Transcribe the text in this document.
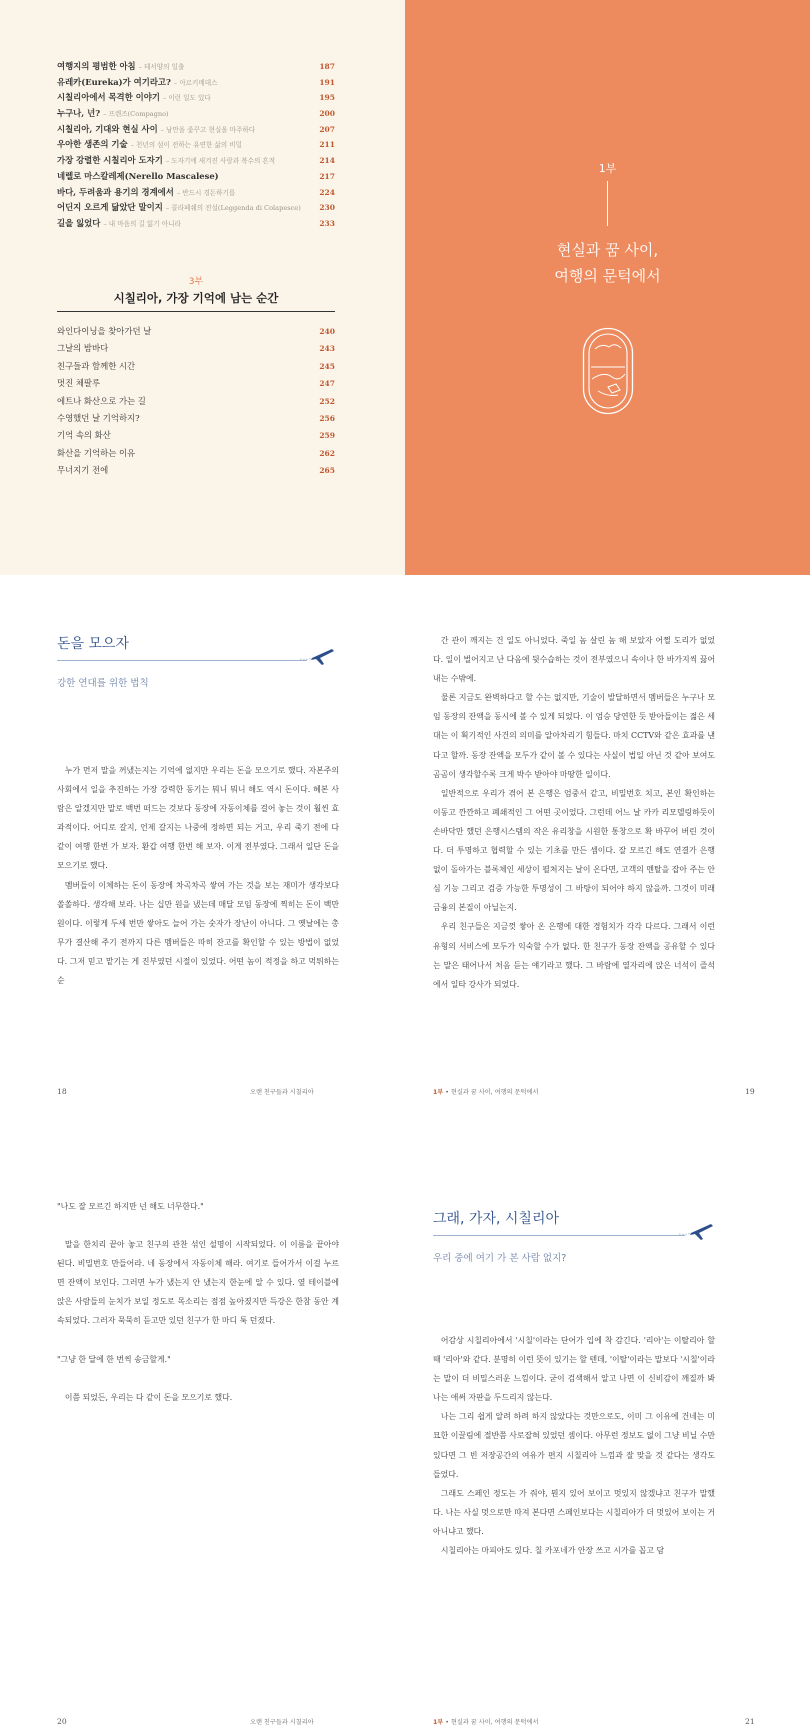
여행지의 평범한 아침 – 테서양의 일출	187
유레카(Eureka)가 여기라고? – 아르키메데스	191
시칠리아에서 목격한 이야기 – 이런 일도 있다	195
누구나, 넌? – 프렌즈(Compagno)	200
시칠리아, 기대와 현실 사이 – 낭만을 좇꾸고 현실을 마주하다	207
우아한 생존의 기술 – 천년의 섬이 전하는 유연한 삶의 비밀	211
가장 강렬한 시칠리아 도자기 – 도자기에 새겨진 사랑과 복수의 흔적	214
네렐로 마스칼레제(Nerello Mascalese)	217
바다, 두려움과 용기의 경계에서 – 반드시 경돈하기를	224
어딘지 오르게 닮았단 말이지 – 콜라페쉐의 전설(Leggenda di Colapesce)	230
길을 잃었다 – 내 마음의 길 잃기 아니라	233
3부
시칠리아, 가장 기억에 남는 순간
와인다이닝을 찾아가던 날	240
그날의 밤바다	243
친구들과 함께한 시간	245
멋진 체팔루	247
에트나 화산으로 가는 길	252
수영했던 날 기억하지?	256
기억 속의 화산	259
화산을 기억하는 이유	262
무너지기 전에	265
1부
현실과 꿈 사이,
여행의 문턱에서
돈을 모으자
강한 연대를 위한 법칙

누가 먼저 말을 꺼냈는지는 기억에 없지만 우리는 돈을 모으기로 했다. 자본주의 사회에서 일을 추진하는 가장 강력한 동기는 뭐니 뭐니 해도 역시 돈이다. 혜본 사람은 알겠지만 말로 백번 떠드는 것보다 동장에 자동이체를 걸어 놓는 것이 훨씬 효과적이다. 어디로 갈지, 언제 갈지는 나중에 정하면 되는 거고, 우리 죽기 전에 다 같이 여행 한번 가 보자. 환갑 여행 한번 해 보자. 이게 전부였다. 그래서 일단 돈을 모으기로 했다.

멤버들이 이체하는 돈이 동장에 차곡차곡 쌓여 가는 것을 보는 재미가 생각보다 쏠쏠하다. 생각해 보라. 나는 십만 원을 냈는데 매달 모임 동장에 찍히는 돈이 백만 원이다. 이렇게 두세 번만 쌓아도 늘어 가는 숫자가 장난이 아니다. 그 옛날에는 총무가 결산해 주기 전까지 다른 멤버들은 따히 잔고를 확인할 수 있는 방법이 없었다. 그저 믿고 맡기는 게 진부였던 시절이 있었다. 어떤 놈이 적정을 하고 먹튀하는 순

18	오랜 친구들과 시칠리아

간 관이 깨지는 건 일도 아니었다. 죽일 놈 살린 놈 해 보았자 어쩔 도리가 없었다. 일이 벌어지고 난 다음에 뒷수습하는 것이 전부였으니 속이나 한 바가지씩 끓어 내는 수밖에.

물론 지금도 완벽하다고 할 수는 없지만, 기술이 발달하면서 멤버들은 누구나 모임 동장의 잔액을 동시에 볼 수 있게 되었다. 이 엄승 당연한 듯 받아들이는 젊은 세대는 이 획기적인 사건의 의미를 알아차리기 힘들다. 마치 CCTV와 같은 효과를 낸다고 할까. 동장 잔액을 모두가 같이 볼 수 있다는 사실이 법일 아닌 것 같아 보여도 곰곰이 생각할수록 크게 박수 받아야 마땅한 일이다.

일반적으로 우리가 겪어 본 은행은 엄중서 같고, 비밀번호 치고, 본인 확인하는 이동고 깐깐하고 폐쇄적인 그 어떤 곳이었다. 그런데 어느 날 카카 리모델링하듯이 손바닥만 했던 은행시스템의 작은 유리창을 시원한 통창으로 확 바꾸어 버린 것이다. 더 투명하고 협력할 수 있는 기초를 만든 셈이다. 잘 모르긴 해도 연결가 은행 없이 돌아가는 블록체인 세상이 펼쳐지는 날이 온다면, 고객의 멘탈을 잡아 주는 안심 기능 그리고 검증 가능한 투명성이 그 바탕이 되어야 하지 않을까. 그것이 미래 금융의 본질이 아닐는지.

우리 친구들은 지금껏 쌓아 온 은행에 대한 경험치가 각각 다르다. 그래서 이런 유형의 서비스에 모두가 익숙할 수가 없다. 한 친구가 동장 잔액을 공유할 수 있다는 말은 태어나서 처음 듣는 얘기라고 했다. 그 바람에 열자리에 앉은 너석이 즐석에서 일타 강사가 되었다.

1부 • 현실과 꿈 사이, 여행의 문턱에서	19

"나도 잘 모르긴 하지만 넌 해도 너무한다."

말을 한치리 끝아 놓고 친구의 관찬 섞인 설명이 시작되었다. 이 이름을 끝아야 된다. 비밀번호 만들어라. 네 동장에서 자동이체 해라. 여기로 들어가서 이걸 누르면 잔액이 보인다. 그러면 누가 냈는지 안 냈는지 한눈에 알 수 있다. 옆 테이블에 앉은 사람들의 눈치가 보일 정도로 목소리는 점점 높아졌지만 득강은 한참 동안 계속되었다. 그러자 묵묵히 듣고만 있던 친구가 한 마디 툭 던졌다.

"그냥 한 달에 한 번씩 송금할게."

이쯤 되었든, 우리는 다 같이 돈을 모으기로 했다.

20	오랜 친구들과 시칠리아
그래, 가자, 시칠리아
우리 중에 여기 가 본 사람 없지?

어감상 시칠리아에서 '시칠'이라는 단어가 입에 착 감긴다. '리아'는 이탈리아 할 때 '리아'와 같다. 분명히 이런 뜻이 있기는 할 텐데, '이탈'이라는 말보다 '시칠'이라는 말이 더 비밀스러운 느낌이다. 굳이 검색해서 알고 나면 이 신비감이 깨질까 봐 나는 애써 자판을 두드리지 않는다.

나는 그리 쉽게 알려 하려 하지 않았다는 것만으로도, 이미 그 이유에 건네는 미묘한 이끌림에 절반쯤 사로잡혀 있었던 셈이다. 아무런 정보도 없이 그냥 비닐 수만 있다면 그 빈 저장공간의 여유가 편지 시칠리아 느낌과 잘 맞을 것 같다는 생각도 들었다.

그래도 스페인 정도는 가 줘야, 뭔지 있어 보이고 멋있지 않겠냐고 친구가 말했다. 나는 사실 멋으로만 따져 본다면 스페인보다는 시칠리아가 더 멋있어 보이는 거 아니냐고 했다.

시칠리아는 마피아도 있다. 칠 카포네가 안장 쓰고 시가를 꼽고 담

1부 • 현실과 꿈 사이, 여행의 문턱에서	21
